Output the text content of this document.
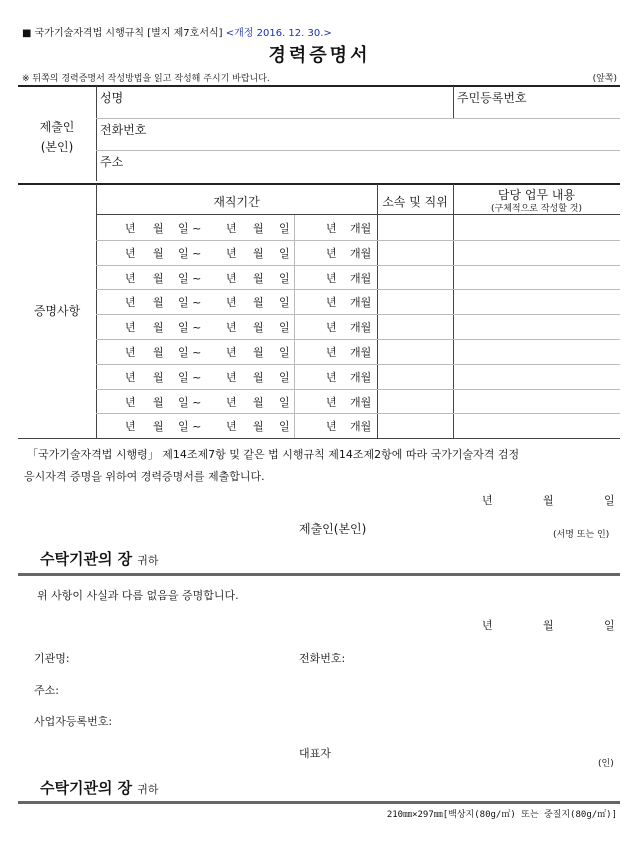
■ 국가기술자격법 시행규칙 [별지 제7호서식] <개정 2016. 12. 30.>
경력증명서
※ 뒤쪽의 경력증명서 작성방법을 읽고 작성해 주시기 바랍니다.	(앞쪽)
제출인
(본인)
성명	주민등록번호
전화번호
주소
재직기간	소속 및 직위	담당 업무 내용
(구체적으로 작성할 것)
증명사항
년 월 일 ~ 년 월 일	년 개월
년 월 일 ~ 년 월 일	년 개월
년 월 일 ~ 년 월 일	년 개월
년 월 일 ~ 년 월 일	년 개월
년 월 일 ~ 년 월 일	년 개월
년 월 일 ~ 년 월 일	년 개월
년 월 일 ~ 년 월 일	년 개월
년 월 일 ~ 년 월 일	년 개월
년 월 일 ~ 년 월 일	년 개월
「국가기술자격법 시행령」 제14조제7항 및 같은 법 시행규칙 제14조제2항에 따라 국가기술자격 검정
응시자격 증명을 위하여 경력증명서를 제출합니다.
년	월	일
제출인(본인)	(서명 또는 인)
수탁기관의 장 귀하
위 사항이 사실과 다름 없음을 증명합니다.
년	월	일
기관명:	전화번호:
주소:
사업자등록번호:
대표자
(인)
수탁기관의 장 귀하
210㎜×297㎜[백상지(80g/㎡) 또는 중질지(80g/㎡)]
